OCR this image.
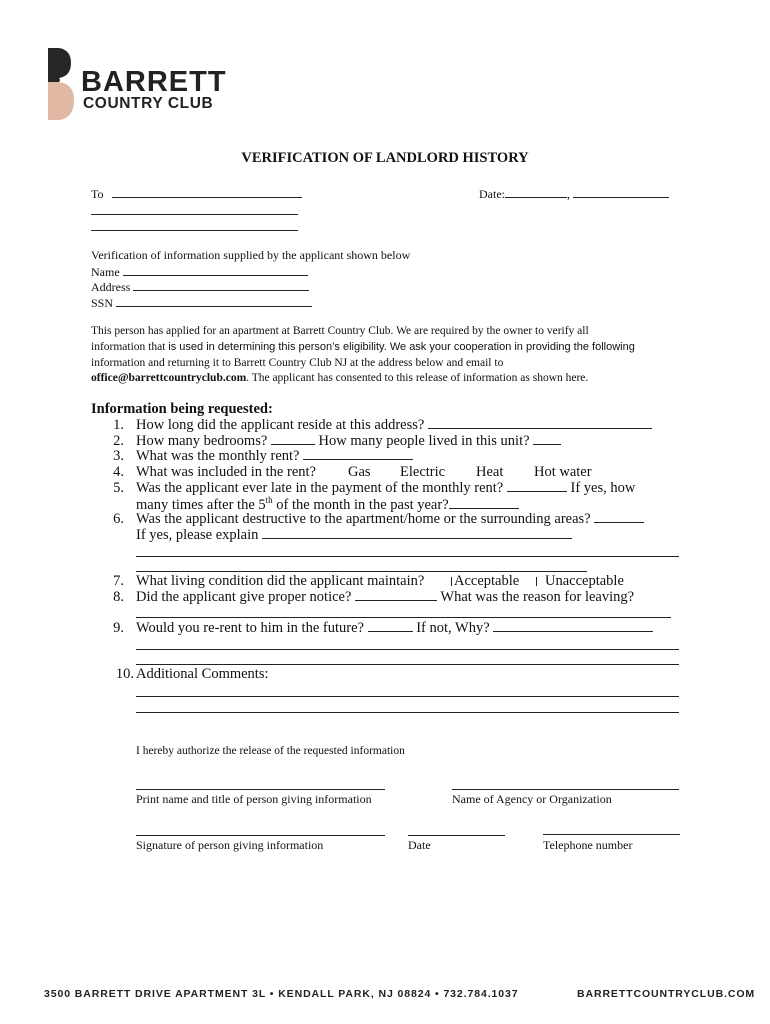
BARRETT
COUNTRY CLUB
VERIFICATION OF LANDLORD HISTORY
To	Date:	,
Verification of information supplied by the applicant shown below
Name
Address
SSN
This person has applied for an apartment at Barrett Country Club. We are required by the owner to verify all
information that is used in determining this person’s eligibility. We ask your cooperation in providing the following
information and returning it to Barrett Country Club NJ at the address below and email to
office@barrettcountryclub.com. The applicant has consented to this release of information as shown here.
Information being requested:
1. How long did the applicant reside at this address?
2. How many bedrooms?	How many people lived in this unit?
3. What was the monthly rent?
4. What was included in the rent? Gas Electric Heat Hot water
5. Was the applicant ever late in the payment of the monthly rent?	If yes, how
many times after the 5th of the month in the past year?
6. Was the applicant destructive to the apartment/home or the surrounding areas?
If yes, please explain
7. What living condition did the applicant maintain? Acceptable	Unacceptable
8. Did the applicant give proper notice?	What was the reason for leaving?
9. Would you re-rent to him in the future?	If not, Why?
10. Additional Comments:
I hereby authorize the release of the requested information
Print name and title of person giving information	Name of Agency or Organization
Signature of person giving information	Date	Telephone number
3500 BARRETT DRIVE APARTMENT 3L • KENDALL PARK, NJ 08824 • 732.784.1037	BARRETTCOUNTRYCLUB.COM
